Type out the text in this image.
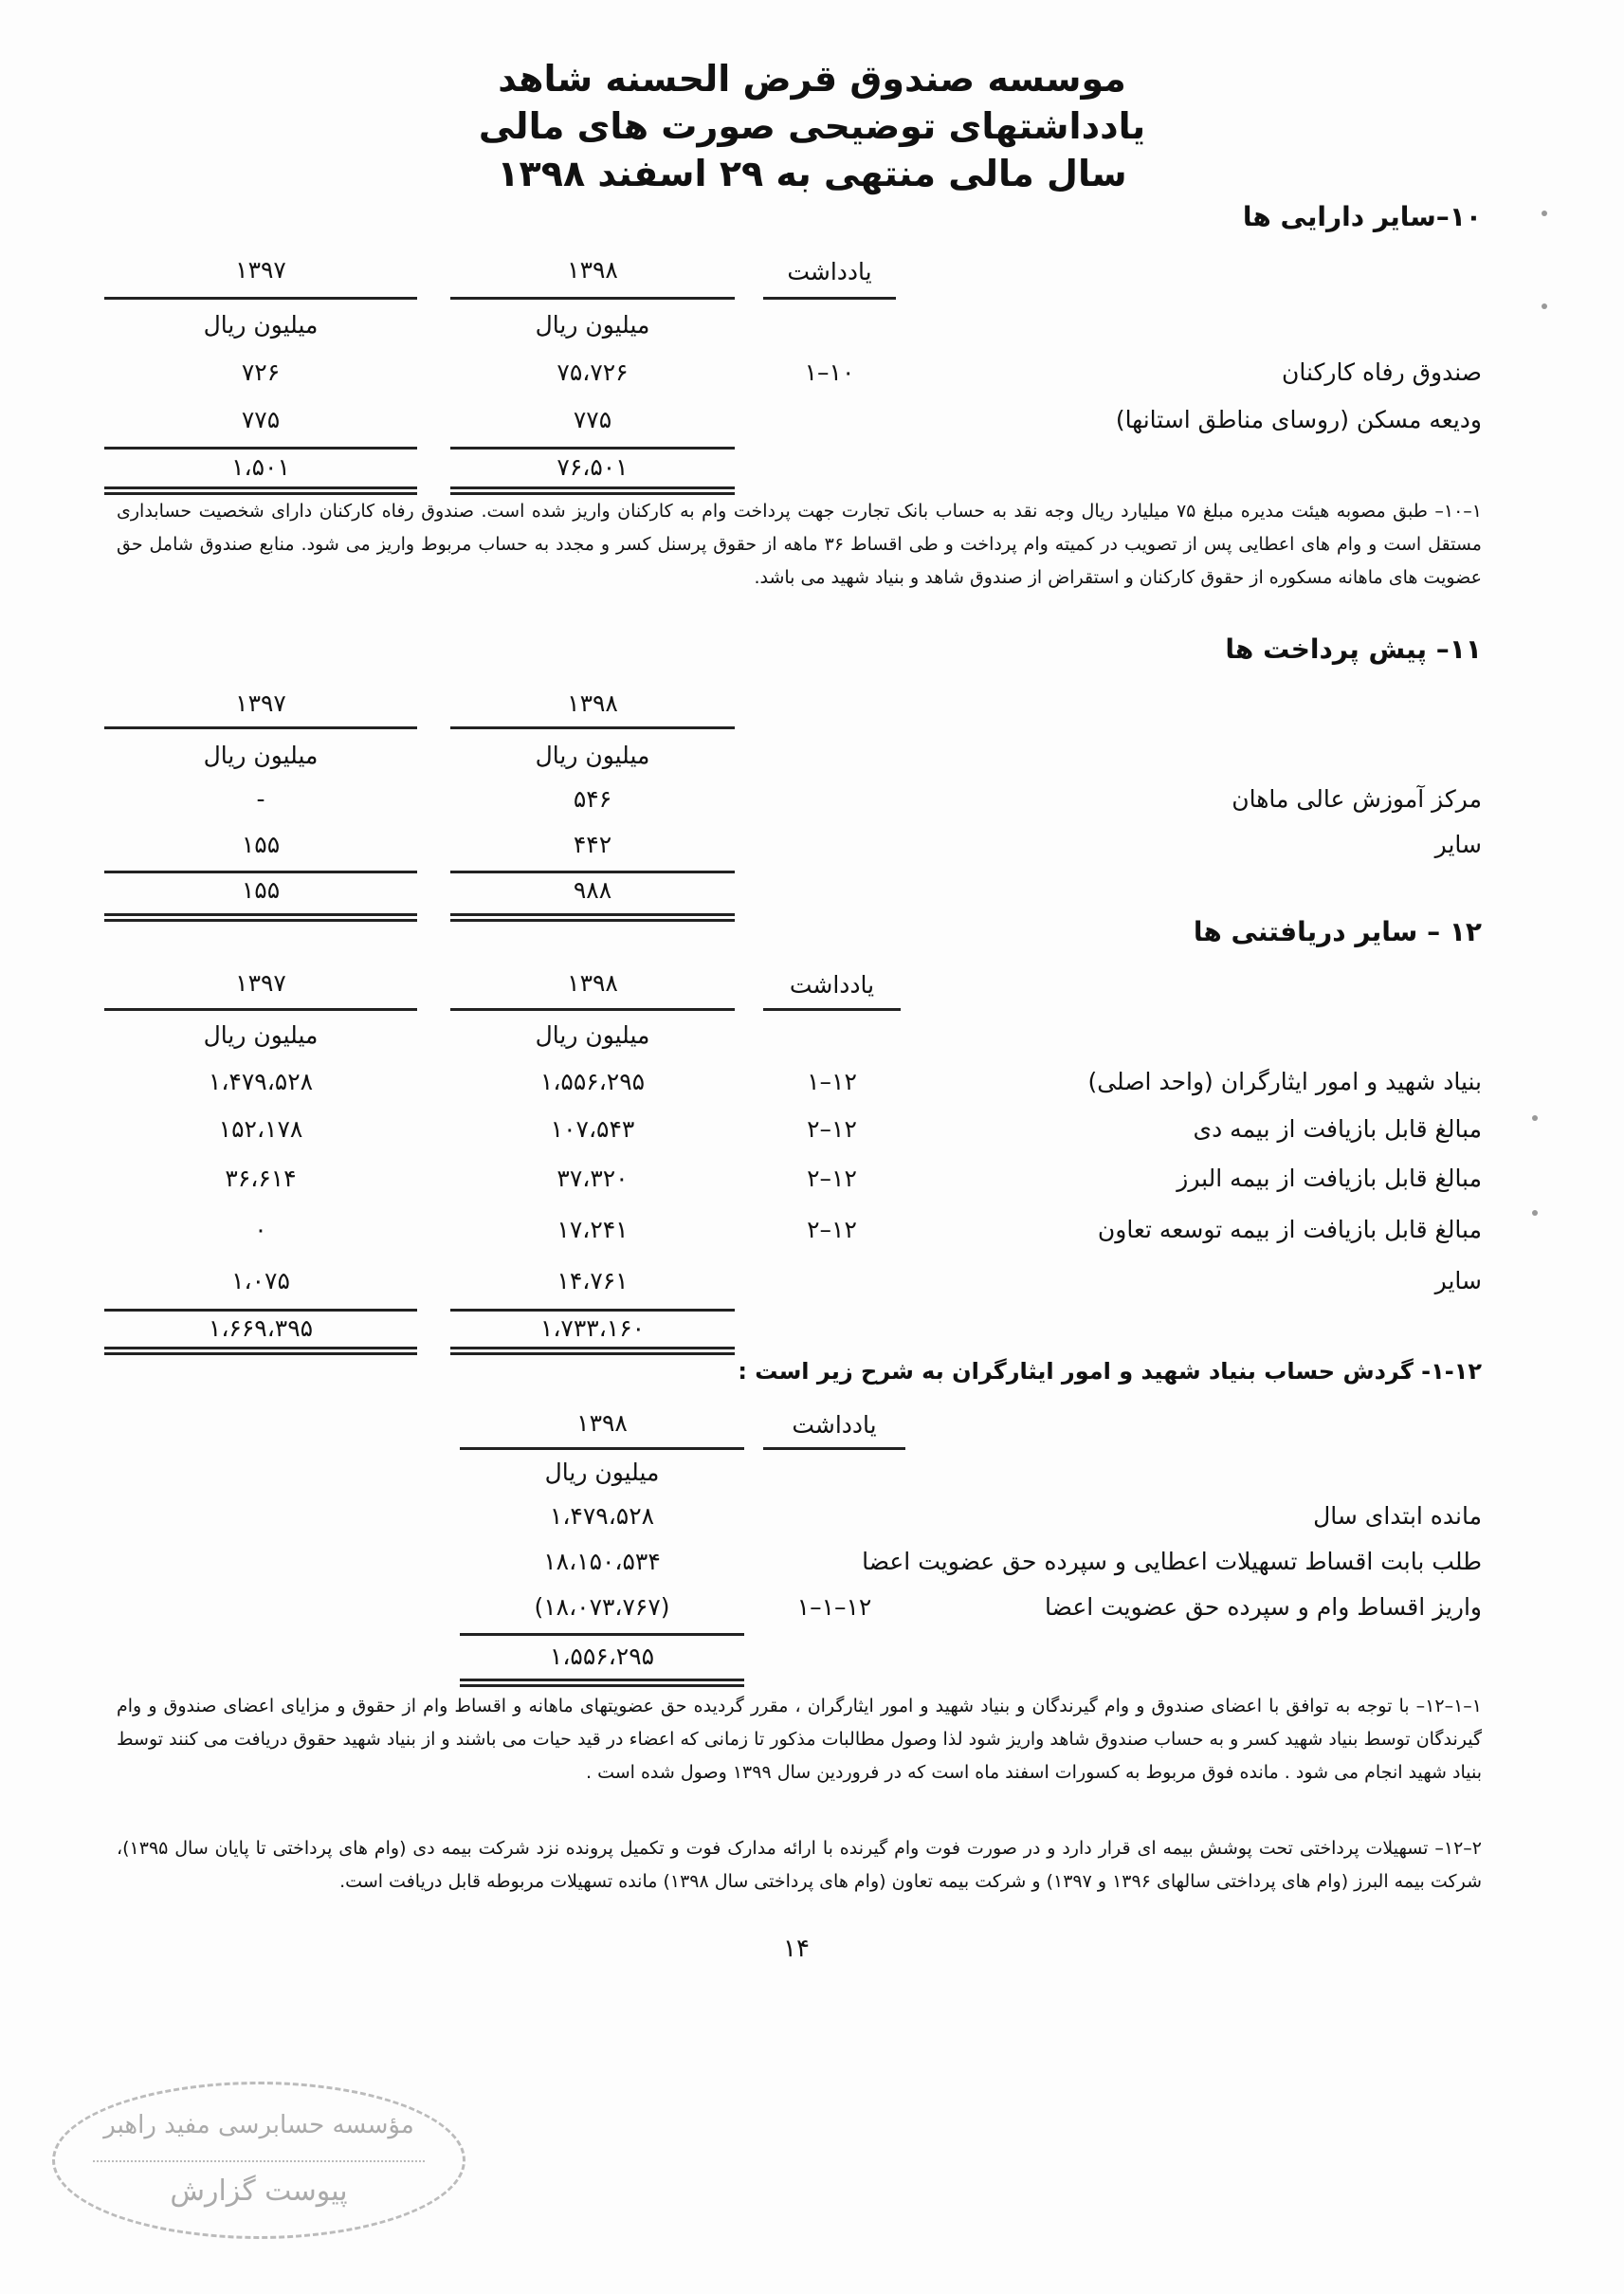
موسسه صندوق قرض الحسنه شاهد
یادداشتهای توضیحی صورت های مالی
سال مالی منتهی به ۲۹ اسفند ۱۳۹۸
۱۰–سایر دارایی ها
یادداشت
۱۳۹۸
۱۳۹۷
میلیون ریال
میلیون ریال
صندوق رفاه کارکنان
۱۰–۱
۷۵،۷۲۶
۷۲۶
ودیعه مسکن (روسای مناطق استانها)
۷۷۵
۷۷۵
۷۶،۵۰۱
۱،۵۰۱
۱–۱۰– طبق مصوبه هیئت مدیره مبلغ ۷۵ میلیارد ریال وجه نقد به حساب بانک تجارت جهت پرداخت وام به کارکنان واریز شده است. صندوق رفاه کارکنان دارای شخصیت حسابداری مستقل است و وام های اعطایی پس از تصویب در کمیته وام پرداخت و طی اقساط ۳۶ ماهه از حقوق پرسنل کسر و مجدد به حساب مربوط واریز می شود. منابع صندوق شامل حق عضویت های ماهانه مسکوره از حقوق کارکنان و استقراض از صندوق شاهد و بنیاد شهید می باشد.
۱۱– پیش پرداخت ها
۱۳۹۸
۱۳۹۷
میلیون ریال
میلیون ریال
مرکز آموزش عالی ماهان
۵۴۶
-
سایر
۴۴۲
۱۵۵
۹۸۸
۱۵۵
۱۲ – سایر دریافتنی ها
یادداشت
۱۳۹۸
۱۳۹۷
میلیون ریال
میلیون ریال
بنیاد شهید و امور ایثارگران (واحد اصلی)
۱۲–۱
۱،۵۵۶،۲۹۵
۱،۴۷۹،۵۲۸
مبالغ قابل بازیافت از بیمه دی
۱۲–۲
۱۰۷،۵۴۳
۱۵۲،۱۷۸
مبالغ قابل بازیافت از بیمه البرز
۱۲–۲
۳۷،۳۲۰
۳۶،۶۱۴
مبالغ قابل بازیافت از بیمه توسعه تعاون
۱۲–۲
۱۷،۲۴۱
۰
سایر
۱۴،۷۶۱
۱،۰۷۵
۱،۷۳۳،۱۶۰
۱،۶۶۹،۳۹۵
۱-۱۲- گردش حساب بنیاد شهید و امور ایثارگران به شرح زیر است :
یادداشت
۱۳۹۸
میلیون ریال
مانده ابتدای سال
۱،۴۷۹،۵۲۸
طلب بابت اقساط تسهیلات اعطایی و سپرده حق عضویت اعضا
۱۸،۱۵۰،۵۳۴
واریز اقساط وام و سپرده حق عضویت اعضا
۱۲–۱–۱
(۱۸،۰۷۳،۷۶۷)
۱،۵۵۶،۲۹۵
۱–۱–۱۲– با توجه به توافق با اعضای صندوق و وام گیرندگان و بنیاد شهید و امور ایثارگران ، مقرر گردیده حق عضویتهای ماهانه و اقساط وام از حقوق و مزایای اعضای صندوق و وام گیرندگان توسط بنیاد شهید کسر و به حساب صندوق شاهد واریز شود لذا وصول مطالبات مذکور تا زمانی که اعضاء در قید حیات می باشند و از بنیاد شهید حقوق دریافت می کنند توسط بنیاد شهید انجام می شود . مانده فوق مربوط به کسورات اسفند ماه است که در فروردین سال ۱۳۹۹ وصول شده است .
۲–۱۲– تسهیلات پرداختی تحت پوشش بیمه ای قرار دارد و در صورت فوت وام گیرنده با ارائه مدارک فوت و تکمیل پرونده نزد شرکت بیمه دی (وام های پرداختی تا پایان سال ۱۳۹۵)، شرکت بیمه البرز (وام های پرداختی سالهای ۱۳۹۶ و ۱۳۹۷) و شرکت بیمه تعاون (وام های پرداختی سال ۱۳۹۸) مانده تسهیلات مربوطه قابل دریافت است.
۱۴
مؤسسه حسابرسی مفید راهبر
پیوست گزارش
